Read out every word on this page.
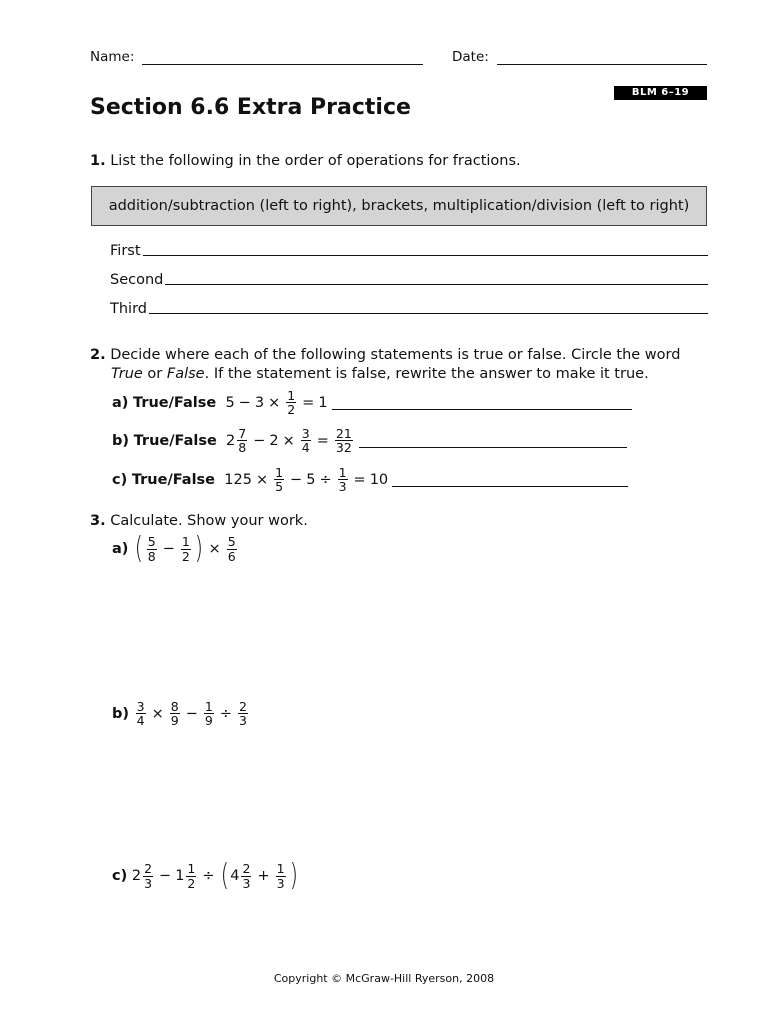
Name:	Date:
BLM 6–19
Section 6.6 Extra Practice
1. List the following in the order of operations for fractions.
addition/subtraction (left to right), brackets, multiplication/division (left to right)
First
Second
Third
2. Decide where each of the following statements is true or false. Circle the word
True or False. If the statement is false, rewrite the answer to make it true.
a)
True/False
$5 - 3 \times \frac{1}{2} = 1$
b)
True/False
$2 \frac{7}{8} - 2 \times \frac{3}{4} = \frac{21}{32}$
c)
True/False
$125 \times \frac{1}{5} - 5 \div \frac{1}{3} = 10$
3. Calculate. Show your work.
a)
( $\frac{5}{8} - \frac{1}{2}$ ) × $\frac{5}{6}$
b)
$\frac{3}{4} \times \frac{8}{9} - \frac{1}{9} \div \frac{2}{3}$
c)
$2 \frac{2}{3} - 1 \frac{1}{2}$ ÷ ( $4 \frac{2}{3} + \frac{1}{3}$ )
Copyright © McGraw-Hill Ryerson, 2008
